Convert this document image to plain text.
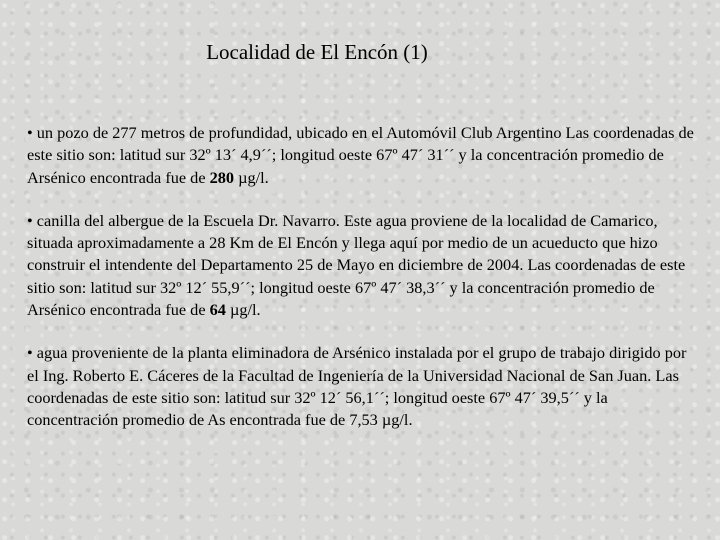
Localidad de El Encón (1)

• un pozo de 277 metros de profundidad, ubicado en el Automóvil Club Argentino Las coordenadas de este sitio son: latitud sur 32º 13´ 4,9´´; longitud oeste 67º 47´ 31´´ y la concentración promedio de Arsénico encontrada fue de 280 µg/l.

• canilla del albergue de la Escuela Dr. Navarro. Este agua proviene de la localidad de Camarico, situada aproximadamente a 28 Km de El Encón y llega aquí por medio de un acueducto que hizo construir el intendente del Departamento 25 de Mayo en diciembre de 2004. Las coordenadas de este sitio son: latitud sur 32º 12´ 55,9´´; longitud oeste 67º 47´ 38,3´´ y la concentración promedio de Arsénico encontrada fue de 64 µg/l.

• agua proveniente de la planta eliminadora de Arsénico instalada por el grupo de trabajo dirigido por el Ing. Roberto E. Cáceres de la Facultad de Ingeniería de la Universidad Nacional de San Juan. Las coordenadas de este sitio son: latitud sur 32º 12´ 56,1´´; longitud oeste 67º 47´ 39,5´´ y la concentración promedio de As encontrada fue de 7,53 µg/l.
